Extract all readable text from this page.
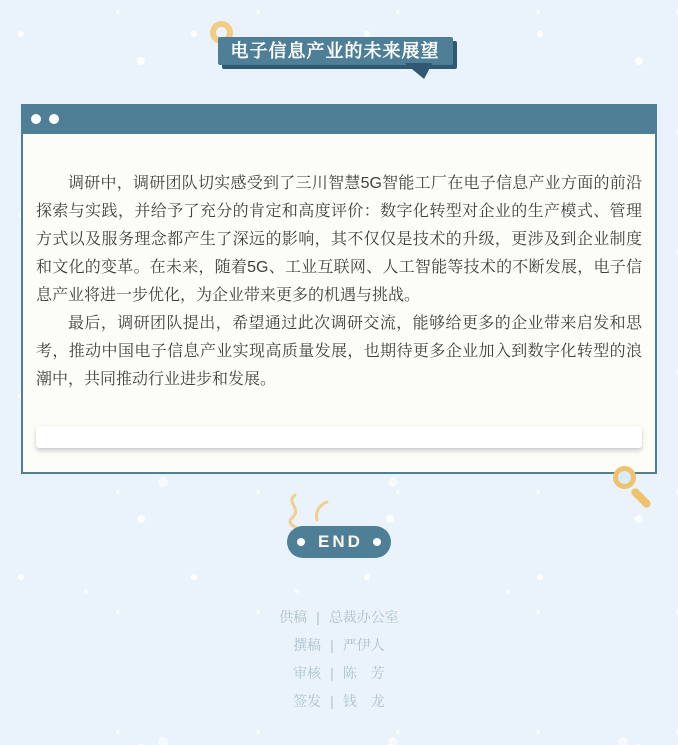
电子信息产业的未来展望

调研中，调研团队切实感受到了三川智慧5G智能工厂在电子信息产业方面的前沿探索与实践，并给予了充分的肯定和高度评价：数字化转型对企业的生产模式、管理方式以及服务理念都产生了深远的影响，其不仅仅是技术的升级，更涉及到企业制度和文化的变革。在未来，随着5G、工业互联网、人工智能等技术的不断发展，电子信息产业将进一步优化，为企业带来更多的机遇与挑战。

最后，调研团队提出，希望通过此次调研交流，能够给更多的企业带来启发和思考，推动中国电子信息产业实现高质量发展，也期待更多企业加入到数字化转型的浪潮中，共同推动行业进步和发展。

END
供稿 | 总裁办公室
撰稿 | 严伊人
审核 | 陈　芳
签发 | 钱　龙
